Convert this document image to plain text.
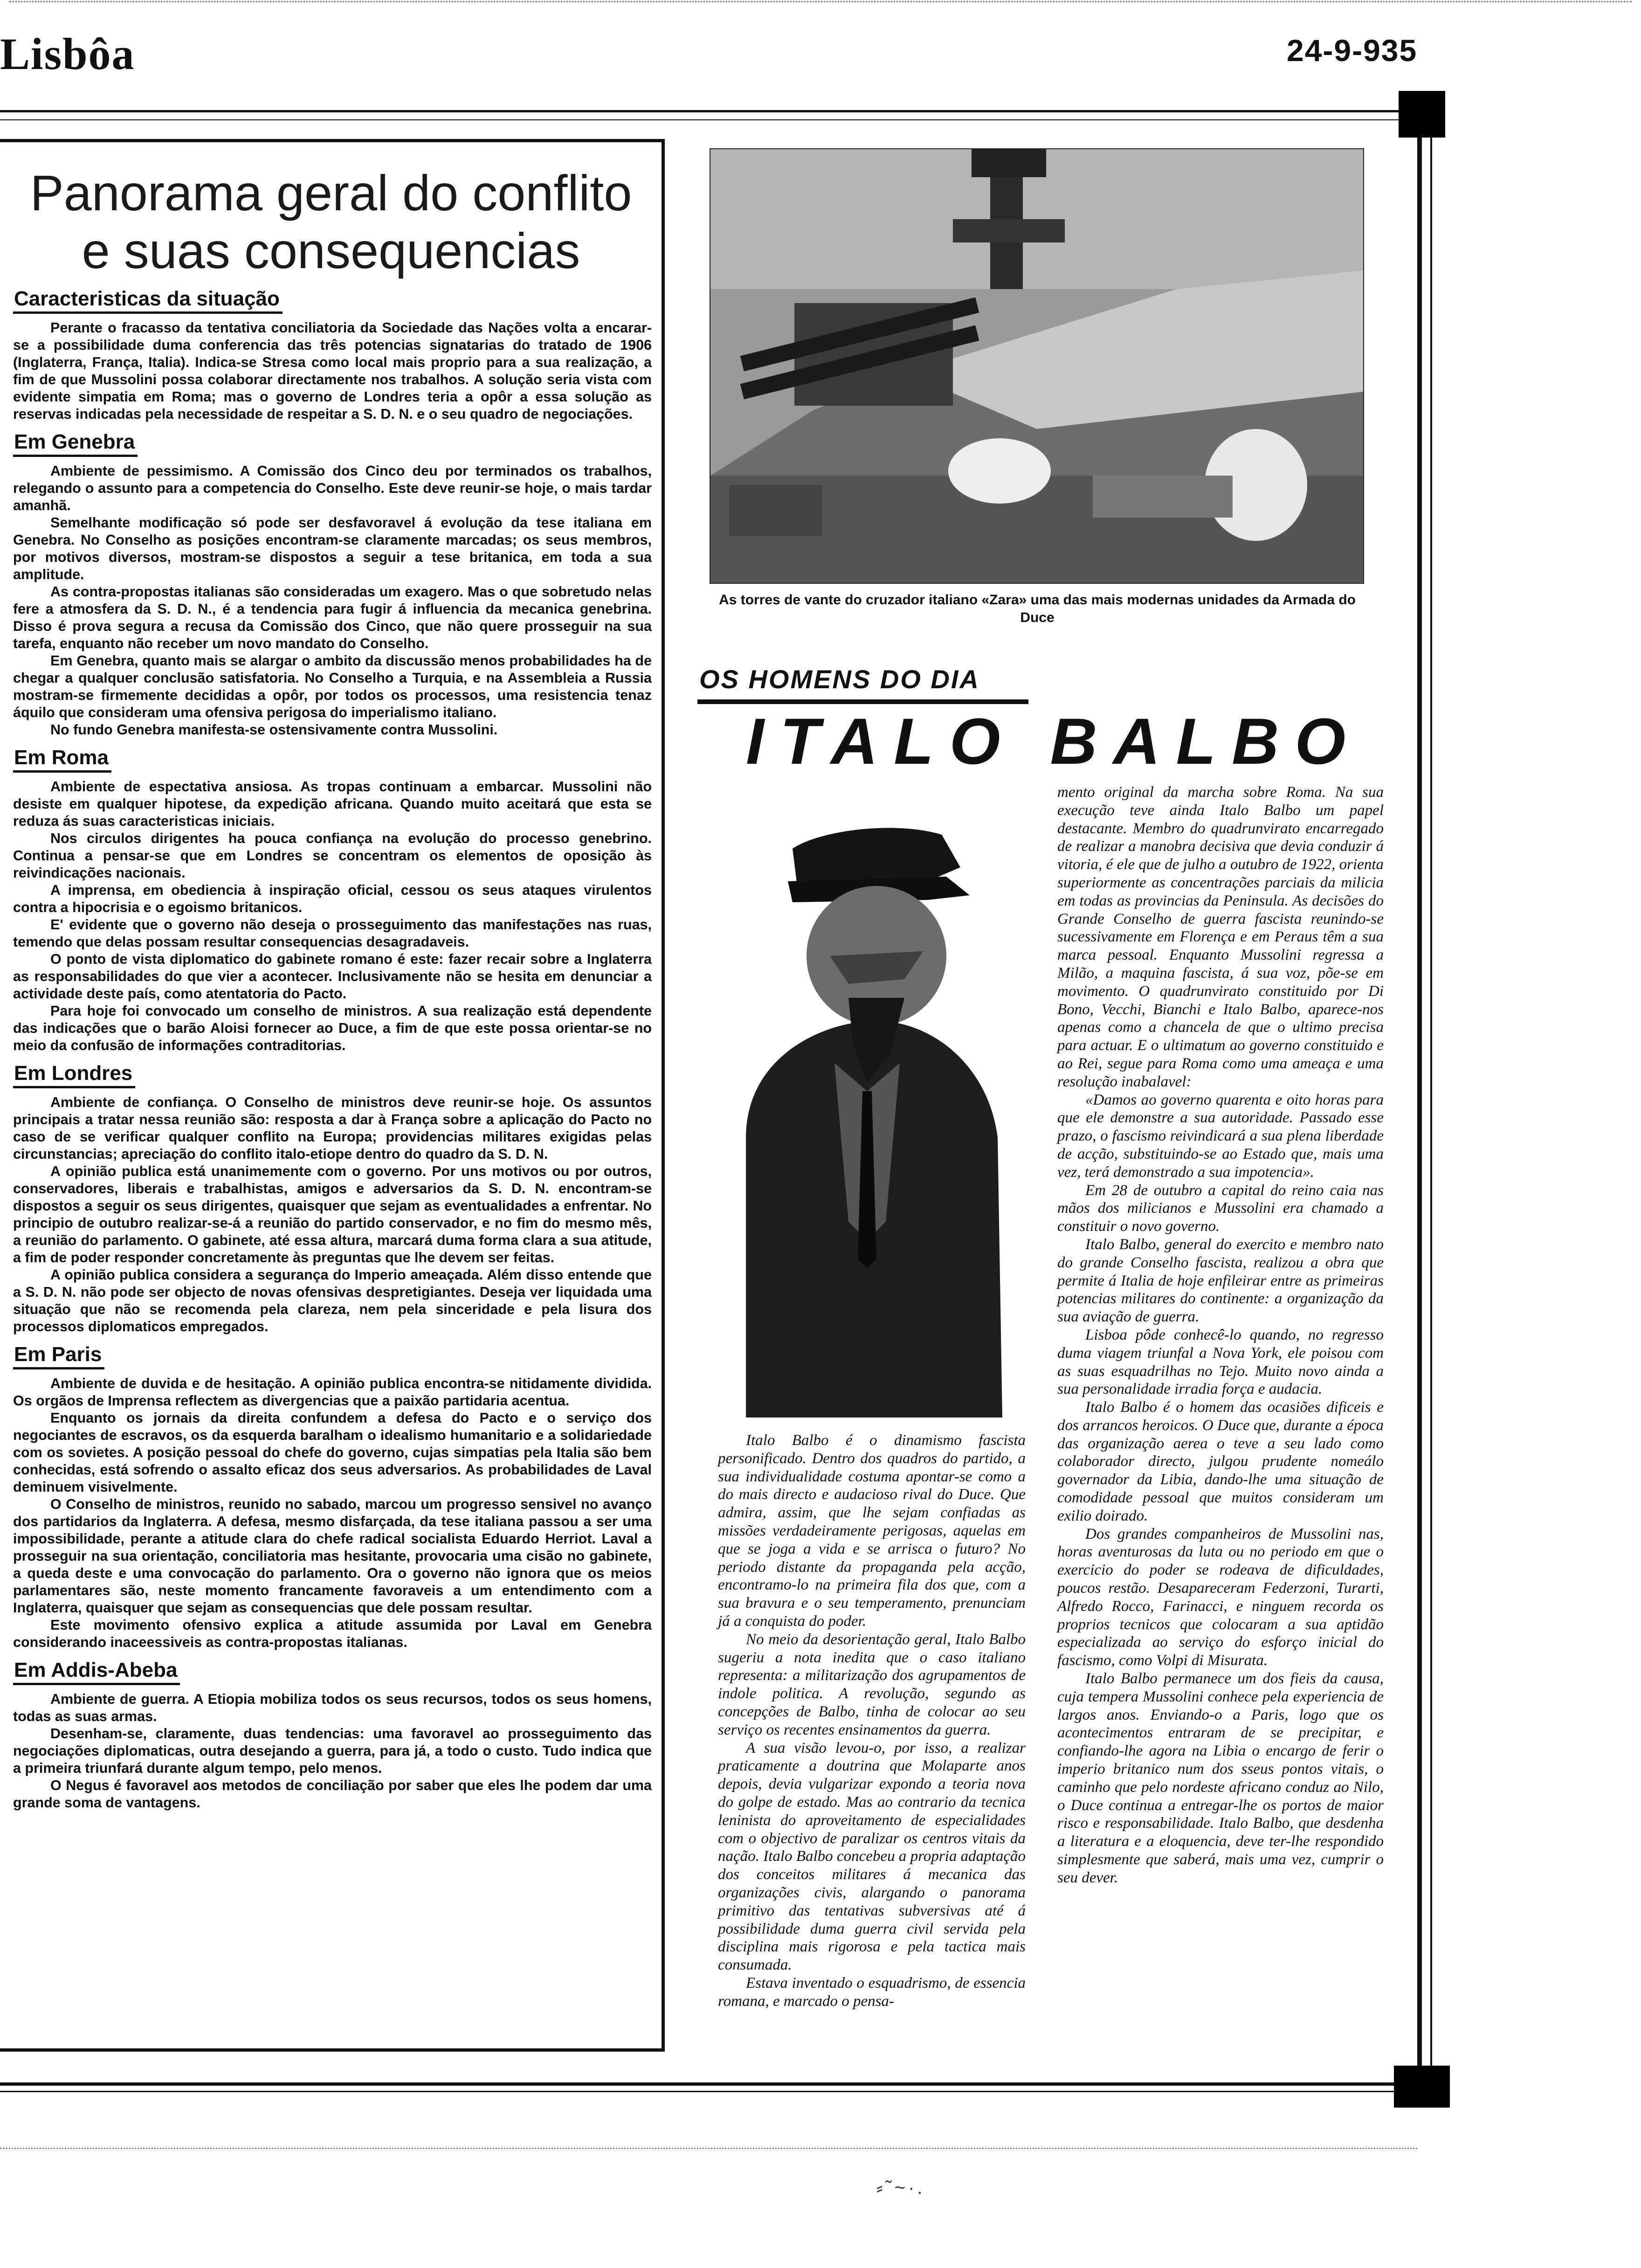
Lisbôa	24-9-935
Panorama geral do conflito
e suas consequencias
Caracteristicas da situação

Perante o fracasso da tentativa conciliatoria da Sociedade das Nações volta a encarar-se a possibilidade duma conferencia das três potencias signatarias do tratado de 1906 (Inglaterra, França, Italia). Indica-se Stresa como local mais proprio para a sua realização, a fim de que Mussolini possa colaborar directamente nos trabalhos. A solução seria vista com evidente simpatia em Roma; mas o governo de Londres teria a opôr a essa solução as reservas indicadas pela necessidade de respeitar a S. D. N. e o seu quadro de negociações.

Em Genebra

Ambiente de pessimismo. A Comissão dos Cinco deu por terminados os trabalhos, relegando o assunto para a competencia do Conselho. Este deve reunir-se hoje, o mais tardar amanhã.

Semelhante modificação só pode ser desfavoravel á evolução da tese italiana em Genebra. No Conselho as posições encontram-se claramente marcadas; os seus membros, por motivos diversos, mostram-se dispostos a seguir a tese britanica, em toda a sua amplitude.

As contra-propostas italianas são consideradas um exagero. Mas o que sobretudo nelas fere a atmosfera da S. D. N., é a tendencia para fugir á influencia da mecanica genebrina. Disso é prova segura a recusa da Comissão dos Cinco, que não quere prosseguir na sua tarefa, enquanto não receber um novo mandato do Conselho.

Em Genebra, quanto mais se alargar o ambito da discussão menos probabilidades ha de chegar a qualquer conclusão satisfatoria. No Conselho a Turquia, e na Assembleia a Russia mostram-se firmemente decididas a opôr, por todos os processos, uma resistencia tenaz áquilo que consideram uma ofensiva perigosa do imperialismo italiano.

No fundo Genebra manifesta-se ostensivamente contra Mussolini.

Em Roma

Ambiente de espectativa ansiosa. As tropas continuam a embarcar. Mussolini não desiste em qualquer hipotese, da expedição africana. Quando muito aceitará que esta se reduza ás suas caracteristicas iniciais.

Nos circulos dirigentes ha pouca confiança na evolução do processo genebrino. Continua a pensar-se que em Londres se concentram os elementos de oposição às reivindicações nacionais.

A imprensa, em obediencia à inspiração oficial, cessou os seus ataques virulentos contra a hipocrisia e o egoismo britanicos.

E' evidente que o governo não deseja o prosseguimento das manifestações nas ruas, temendo que delas possam resultar consequencias desagradaveis.

O ponto de vista diplomatico do gabinete romano é este: fazer recair sobre a Inglaterra as responsabilidades do que vier a acontecer. Inclusivamente não se hesita em denunciar a actividade deste país, como atentatoria do Pacto.

Para hoje foi convocado um conselho de ministros. A sua realização está dependente das indicações que o barão Aloisi fornecer ao Duce, a fim de que este possa orientar-se no meio da confusão de informações contraditorias.

Em Londres

Ambiente de confiança. O Conselho de ministros deve reunir-se hoje. Os assuntos principais a tratar nessa reunião são: resposta a dar à França sobre a aplicação do Pacto no caso de se verificar qualquer conflito na Europa; providencias militares exigidas pelas circunstancias; apreciação do conflito italo-etiope dentro do quadro da S. D. N.

A opinião publica está unanimemente com o governo. Por uns motivos ou por outros, conservadores, liberais e trabalhistas, amigos e adversarios da S. D. N. encontram-se dispostos a seguir os seus dirigentes, quaisquer que sejam as eventualidades a enfrentar. No principio de outubro realizar-se-á a reunião do partido conservador, e no fim do mesmo mês, a reunião do parlamento. O gabinete, até essa altura, marcará duma forma clara a sua atitude, a fim de poder responder concretamente às preguntas que lhe devem ser feitas.

A opinião publica considera a segurança do Imperio ameaçada. Além disso entende que a S. D. N. não pode ser objecto de novas ofensivas despretigiantes. Deseja ver liquidada uma situação que não se recomenda pela clareza, nem pela sinceridade e pela lisura dos processos diplomaticos empregados.

Em Paris

Ambiente de duvida e de hesitação. A opinião publica encontra-se nitidamente dividida. Os orgãos de Imprensa reflectem as divergencias que a paixão partidaria acentua.

Enquanto os jornais da direita confundem a defesa do Pacto e o serviço dos negociantes de escravos, os da esquerda baralham o idealismo humanitario e a solidariedade com os sovietes. A posição pessoal do chefe do governo, cujas simpatias pela Italia são bem conhecidas, está sofrendo o assalto eficaz dos seus adversarios. As probabilidades de Laval deminuem visivelmente.

O Conselho de ministros, reunido no sabado, marcou um progresso sensivel no avanço dos partidarios da Inglaterra. A defesa, mesmo disfarçada, da tese italiana passou a ser uma impossibilidade, perante a atitude clara do chefe radical socialista Eduardo Herriot. Laval a prosseguir na sua orientação, conciliatoria mas hesitante, provocaria uma cisão no gabinete, a queda deste e uma convocação do parlamento. Ora o governo não ignora que os meios parlamentares são, neste momento francamente favoraveis a um entendimento com a Inglaterra, quaisquer que sejam as consequencias que dele possam resultar.

Este movimento ofensivo explica a atitude assumida por Laval em Genebra considerando inaceessiveis as contra-propostas italianas.

Em Addis-Abeba

Ambiente de guerra. A Etiopia mobiliza todos os seus recursos, todos os seus homens, todas as suas armas.

Desenham-se, claramente, duas tendencias: uma favoravel ao prosseguimento das negociações diplomaticas, outra desejando a guerra, para já, a todo o custo. Tudo indica que a primeira triunfará durante algum tempo, pelo menos.

O Negus é favoravel aos metodos de conciliação por saber que eles lhe podem dar uma grande soma de vantagens.

As torres de vante do cruzador italiano «Zara» uma das mais modernas unidades da Armada do Duce
OS HOMENS DO DIA
ITALO BALBO

Italo Balbo é o dinamismo fascista personificado. Dentro dos quadros do partido, a sua individualidade costuma apontar-se como a do mais directo e audacioso rival do Duce. Que admira, assim, que lhe sejam confiadas as missões verdadeiramente perigosas, aquelas em que se joga a vida e se arrisca o futuro? No periodo distante da propaganda pela acção, encontramo-lo na primeira fila dos que, com a sua bravura e o seu temperamento, prenunciam já a conquista do poder.

No meio da desorientação geral, Italo Balbo sugeriu a nota inedita que o caso italiano representa: a militarização dos agrupamentos de indole politica. A revolução, segundo as concepções de Balbo, tinha de colocar ao seu serviço os recentes ensinamentos da guerra.

A sua visão levou-o, por isso, a realizar praticamente a doutrina que Molaparte anos depois, devia vulgarizar expondo a teoria nova do golpe de estado. Mas ao contrario da tecnica leninista do aproveitamento de especialidades com o objectivo de paralizar os centros vitais da nação. Italo Balbo concebeu a propria adaptação dos conceitos militares á mecanica das organizações civis, alargando o panorama primitivo das tentativas subversivas até á possibilidade duma guerra civil servida pela disciplina mais rigorosa e pela tactica mais consumada.

Estava inventado o esquadrismo, de essencia romana, e marcado o pensa-

mento original da marcha sobre Roma. Na sua execução teve ainda Italo Balbo um papel destacante. Membro do quadrunvirato encarregado de realizar a manobra decisiva que devia conduzir á vitoria, é ele que de julho a outubro de 1922, orienta superiormente as concentrações parciais da milicia em todas as provincias da Peninsula. As decisões do Grande Conselho de guerra fascista reunindo-se sucessivamente em Florença e em Peraus têm a sua marca pessoal. Enquanto Mussolini regressa a Milão, a maquina fascista, á sua voz, põe-se em movimento. O quadrunvirato constituido por Di Bono, Vecchi, Bianchi e Italo Balbo, aparece-nos apenas como a chancela de que o ultimo precisa para actuar. E o ultimatum ao governo constituido e ao Rei, segue para Roma como uma ameaça e uma resolução inabalavel:

«Damos ao governo quarenta e oito horas para que ele demonstre a sua autoridade. Passado esse prazo, o fascismo reivindicará a sua plena liberdade de acção, substituindo-se ao Estado que, mais uma vez, terá demonstrado a sua impotencia».

Em 28 de outubro a capital do reino caia nas mãos dos milicianos e Mussolini era chamado a constituir o novo governo.

Italo Balbo, general do exercito e membro nato do grande Conselho fascista, realizou a obra que permite á Italia de hoje enfileirar entre as primeiras potencias militares do continente: a organização da sua aviação de guerra.

Lisboa pôde conhecê-lo quando, no regresso duma viagem triunfal a Nova York, ele poisou com as suas esquadrilhas no Tejo. Muito novo ainda a sua personalidade irradia força e audacia.

Italo Balbo é o homem das ocasiões dificeis e dos arrancos heroicos. O Duce que, durante a época das organização aerea o teve a seu lado como colaborador directo, julgou prudente nomeálo governador da Libia, dando-lhe uma situação de comodidade pessoal que muitos consideram um exilio doirado.

Dos grandes companheiros de Mussolini nas, horas aventurosas da luta ou no periodo em que o exercicio do poder se rodeava de dificuldades, poucos restão. Desapareceram Federzoni, Turarti, Alfredo Rocco, Farinacci, e ninguem recorda os proprios tecnicos que colocaram a sua aptidão especializada ao serviço do esforço inicial do fascismo, como Volpi di Misurata.

Italo Balbo permanece um dos fieis da causa, cuja tempera Mussolini conhece pela experiencia de largos anos. Enviando-o a Paris, logo que os acontecimentos entraram de se precipitar, e confiando-lhe agora na Libia o encargo de ferir o imperio britanico num dos sseus pontos vitais, o caminho que pelo nordeste africano conduz ao Nilo, o Duce continua a entregar-lhe os portos de maior risco e responsabilidade. Italo Balbo, que desdenha a literatura e a eloquencia, deve ter-lhe respondido simplesmente que saberá, mais uma vez, cumprir o seu dever.

⸗˜~·.
